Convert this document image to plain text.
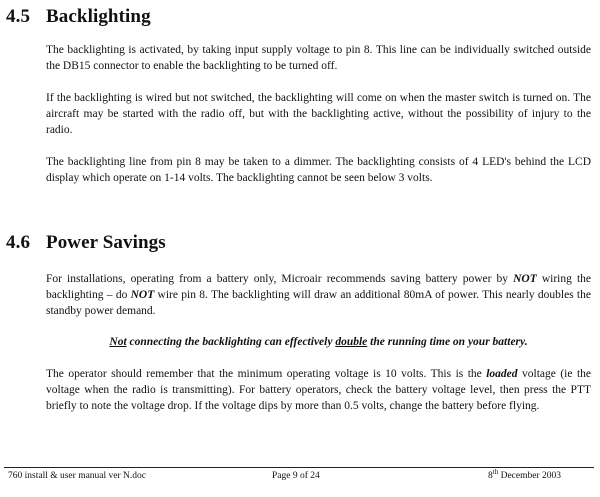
4.5 Backlighting
The backlighting is activated, by taking input supply voltage to pin 8. This line can be individually switched outside the DB15 connector to enable the backlighting to be turned off.
If the backlighting is wired but not switched, the backlighting will come on when the master switch is turned on. The aircraft may be started with the radio off, but with the backlighting active, without the possibility of injury to the radio.
The backlighting line from pin 8 may be taken to a dimmer. The backlighting consists of 4 LED's behind the LCD display which operate on 1-14 volts. The backlighting cannot be seen below 3 volts.
4.6 Power Savings
For installations, operating from a battery only, Microair recommends saving battery power by NOT wiring the backlighting – do NOT wire pin 8. The backlighting will draw an additional 80mA of power. This nearly doubles the standby power demand.
Not connecting the backlighting can effectively double the running time on your battery.
The operator should remember that the minimum operating voltage is 10 volts. This is the loaded voltage (ie the voltage when the radio is transmitting). For battery operators, check the battery voltage level, then press the PTT briefly to note the voltage drop. If the voltage dips by more than 0.5 volts, change the battery before flying.
760 install & user manual ver N.doc	Page 9 of 24	8th December 2003
